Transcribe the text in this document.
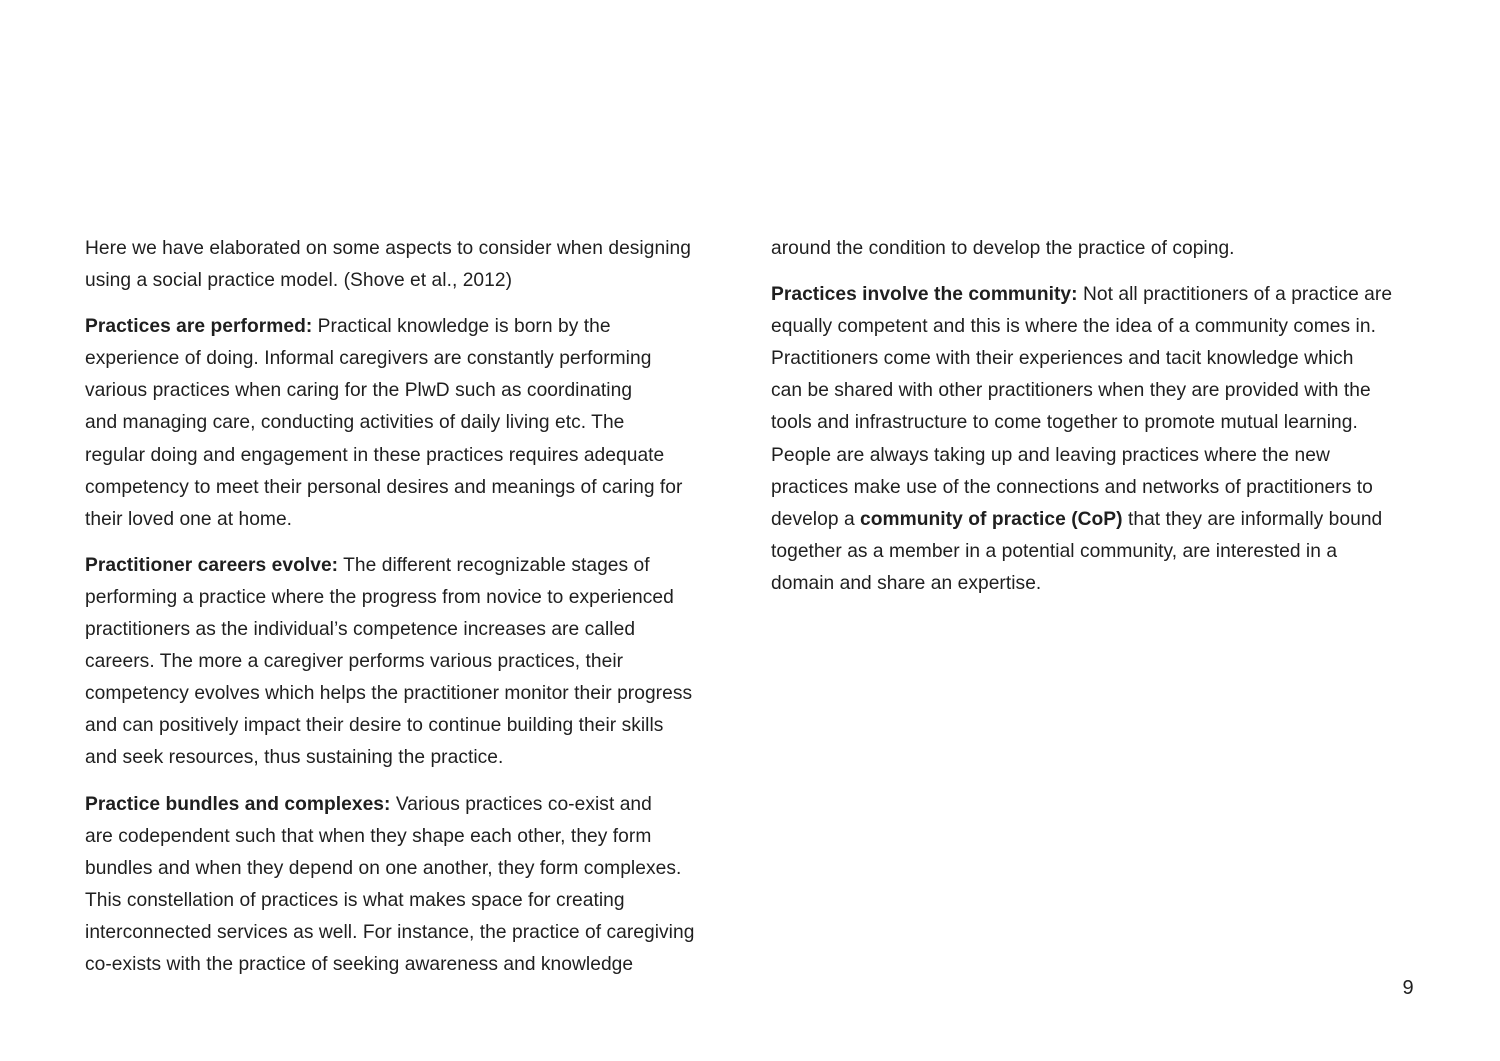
Here we have elaborated on some aspects to consider when designing
using a social practice model. (Shove et al., 2012)

Practices are performed: Practical knowledge is born by the
experience of doing. Informal caregivers are constantly performing
various practices when caring for the PlwD such as coordinating
and managing care, conducting activities of daily living etc. The
regular doing and engagement in these practices requires adequate
competency to meet their personal desires and meanings of caring for
their loved one at home.

Practitioner careers evolve: The different recognizable stages of
performing a practice where the progress from novice to experienced
practitioners as the individual’s competence increases are called
careers. The more a caregiver performs various practices, their
competency evolves which helps the practitioner monitor their progress
and can positively impact their desire to continue building their skills
and seek resources, thus sustaining the practice.

Practice bundles and complexes: Various practices co-exist and
are codependent such that when they shape each other, they form
bundles and when they depend on one another, they form complexes.
This constellation of practices is what makes space for creating
interconnected services as well. For instance, the practice of caregiving
co-exists with the practice of seeking awareness and knowledge

around the condition to develop the practice of coping.

Practices involve the community: Not all practitioners of a practice are
equally competent and this is where the idea of a community comes in.
Practitioners come with their experiences and tacit knowledge which
can be shared with other practitioners when they are provided with the
tools and infrastructure to come together to promote mutual learning.
People are always taking up and leaving practices where the new
practices make use of the connections and networks of practitioners to
develop a community of practice (CoP) that they are informally bound
together as a member in a potential community, are interested in a
domain and share an expertise.

9
